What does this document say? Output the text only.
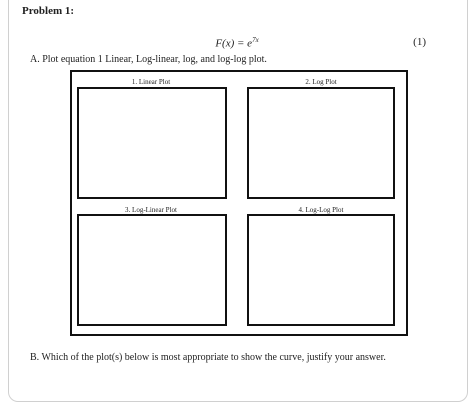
Problem 1:
$F(x) = e^{7x}$	(1)
A. Plot equation 1 Linear, Log-linear, log, and log-log plot.
1. Linear Plot	2. Log Plot
3. Log-Linear Plot	4. Log-Log Plot
B. Which of the plot(s) below is most appropriate to show the curve, justify your answer.
